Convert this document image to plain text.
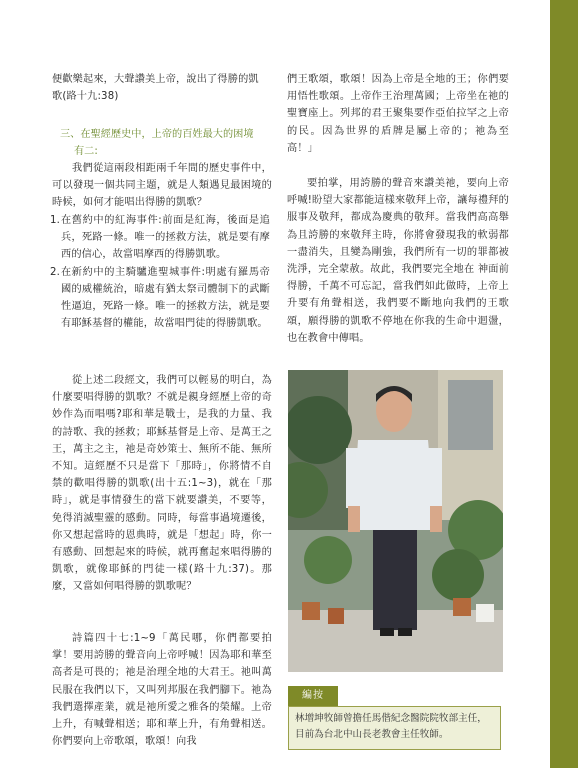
便歡樂起來，大聲讚美上帝，說出了得勝的凱
歌(路十九:38)
三、在聖經歷史中，上帝的百姓最大的困境
有二:

我們從這兩段相距兩千年間的歷史事件中，可以發現一個共同主題，就是人類遇見最困境的時候，如何才能唱出得勝的凱歌？

1. 在舊約中的紅海事件:前面是紅海，後面是追兵，死路一條。唯一的拯救方法，就是要有摩西的信心，故當唱摩西的得勝凱歌。
2. 在新約中的主騎驢進聖城事件:明處有羅馬帝國的威權統治，暗處有猶太祭司體制下的武斷性逼迫，死路一條。唯一的拯救方法，就是要有耶穌基督的權能，故當唱門徒的得勝凱歌。

從上述二段經文，我們可以輕易的明白，為什麼要唱得勝的凱歌？不就是親身經歷上帝的奇妙作為而唱嗎?耶和華是戰士，是我的力量、我的詩歌、我的拯救；耶穌基督是上帝、是萬王之王，萬主之主，祂是奇妙策士、無所不能、無所不知。這經歷不只是當下「那時」，你將情不自禁的歡唱得勝的凱歌(出十五:1~3)，就在「那時」，就是事情發生的當下就要讚美，不要等，免得消滅聖靈的感動。同時，每當事過境遷後，你又想起當時的恩典時，就是「想起」時，你一有感動、回想起來的時候，就再奮起來唱得勝的凱歌，就像耶穌的門徒一樣(路十九:37)。那麼，又當如何唱得勝的凱歌呢？

詩篇四十七:1~9「萬民哪，你們都要拍掌！要用誇勝的聲音向上帝呼喊！因為耶和華至高者是可畏的；祂是治理全地的大君王。祂叫萬民服在我們以下，又叫列邦服在我們腳下。祂為我們選擇產業，就是祂所愛之雅各的榮耀。上帝上升，有喊聲相送；耶和華上升，有角聲相送。你們要向上帝歌頌，歌頌！向我

們王歌頌，歌頌！因為上帝是全地的王；你們要用悟性歌頌。上帝作王治理萬國；上帝坐在祂的聖寶座上。列邦的君王聚集要作亞伯拉罕之上帝的民。因為世界的盾牌是屬上帝的；祂為至高！」

要拍掌，用誇勝的聲音來讚美祂，要向上帝呼喊!盼望大家都能這樣來敬拜上帝，讓每禮拜的服事及敬拜，都成為慶典的敬拜。當我們高高舉為且誇勝的來敬拜主時，你將會發現我的軟弱都一盡消失，且變為剛強，我們所有一切的罪都被洗淨，完全蒙赦。故此，我們要完全地在 神面前得勝，千萬不可忘記，當我們如此做時，上帝上升要有角聲相送，我們要不斷地向我們的王歌頌，願得勝的凱歌不停地在你我的生命中迴盪，也在教會中傳唱。

編按
林增坤牧師曾擔任馬偕紀念醫院院牧部主任，目前為台北中山長老教會主任牧師。
